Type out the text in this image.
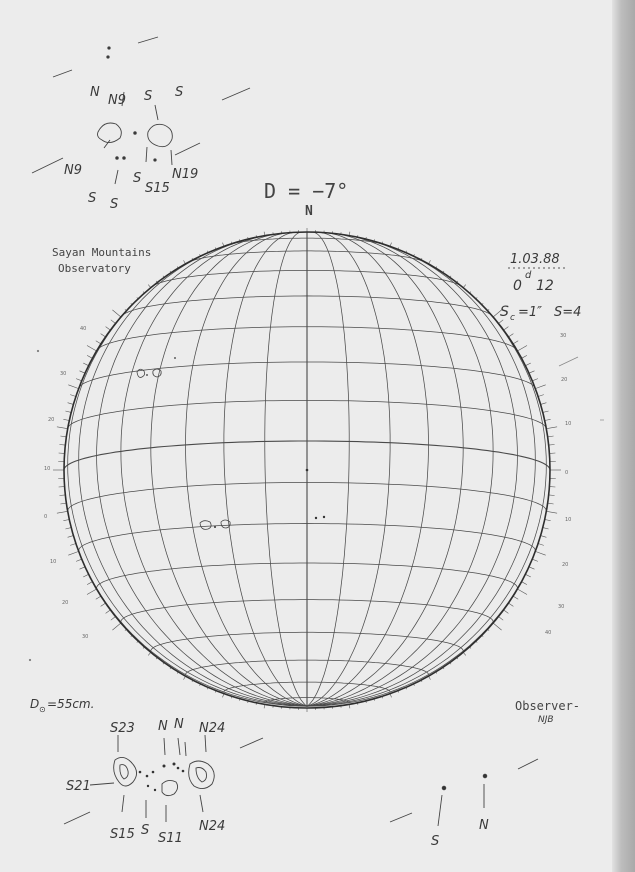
D = −7°
N
Sayan Mountains
Observatory
1.03.88
0
d
12
S c =1″ S=4
30
20
10
0
10
20
30
40
40
30
20
10
0
10
20
30
N
N9 S S
N9
S S
S
S15
N19
D ⊙ =55cm.
S23 N N N24
S21
S15 S
S11
N24
Observer-
NJB
S
N
